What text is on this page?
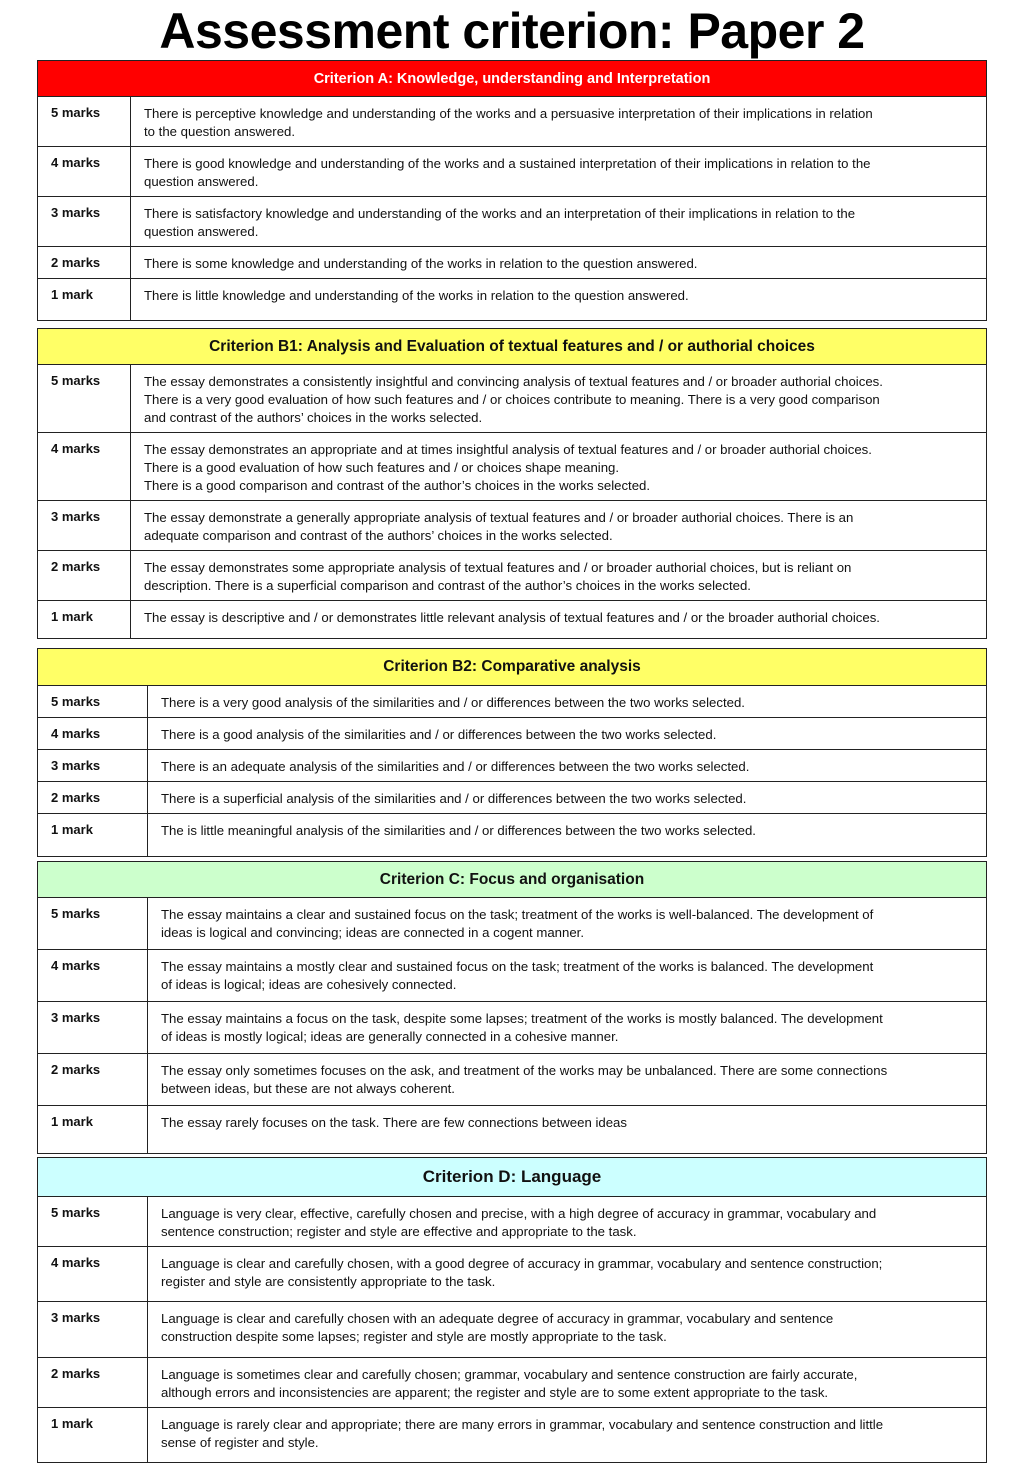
Assessment criterion: Paper 2
Criterion A: Knowledge, understanding and Interpretation	
5 marks	There is perceptive knowledge and understanding of the works and a persuasive interpretation of their implications in relation
to the question answered.

4 marks	There is good knowledge and understanding of the works and a sustained interpretation of their implications in relation to the
question answered.

3 marks	There is satisfactory knowledge and understanding of the works and an interpretation of their implications in relation to the
question answered.

2 marks	There is some knowledge and understanding of the works in relation to the question answered.

1 mark	There is little knowledge and understanding of the works in relation to the question answered.
Criterion B1: Analysis and Evaluation of textual features and / or authorial choices	
5 marks	The essay demonstrates a consistently insightful and convincing analysis of textual features and / or broader authorial choices.
There is a very good evaluation of how such features and / or choices contribute to meaning. There is a very good comparison
and contrast of the authors’ choices in the works selected.

4 marks	The essay demonstrates an appropriate and at times insightful analysis of textual features and / or broader authorial choices.
There is a good evaluation of how such features and / or choices shape meaning.
There is a good comparison and contrast of the author’s choices in the works selected.

3 marks	The essay demonstrate a generally appropriate analysis of textual features and / or broader authorial choices. There is an
adequate comparison and contrast of the authors’ choices in the works selected.

2 marks	The essay demonstrates some appropriate analysis of textual features and / or broader authorial choices, but is reliant on
description. There is a superficial comparison and contrast of the author’s choices in the works selected.

1 mark	The essay is descriptive and / or demonstrates little relevant analysis of textual features and / or the broader authorial choices.
Criterion B2: Comparative analysis	
5 marks	There is a very good analysis of the similarities and / or differences between the two works selected.

4 marks	There is a good analysis of the similarities and / or differences between the two works selected.

3 marks	There is an adequate analysis of the similarities and / or differences between the two works selected.

2 marks	There is a superficial analysis of the similarities and / or differences between the two works selected.

1 mark	The is little meaningful analysis of the similarities and / or differences between the two works selected.
Criterion C: Focus and organisation	
5 marks	The essay maintains a clear and sustained focus on the task; treatment of the works is well-balanced. The development of
ideas is logical and convincing; ideas are connected in a cogent manner.

4 marks	The essay maintains a mostly clear and sustained focus on the task; treatment of the works is balanced. The development
of ideas is logical; ideas are cohesively connected.

3 marks	The essay maintains a focus on the task, despite some lapses; treatment of the works is mostly balanced. The development
of ideas is mostly logical; ideas are generally connected in a cohesive manner.

2 marks	The essay only sometimes focuses on the ask, and treatment of the works may be unbalanced. There are some connections
between ideas, but these are not always coherent.

1 mark	The essay rarely focuses on the task. There are few connections between ideas
Criterion D: Language	
5 marks	Language is very clear, effective, carefully chosen and precise, with a high degree of accuracy in grammar, vocabulary and
sentence construction; register and style are effective and appropriate to the task.

4 marks	Language is clear and carefully chosen, with a good degree of accuracy in grammar, vocabulary and sentence construction;
register and style are consistently appropriate to the task.

3 marks	Language is clear and carefully chosen with an adequate degree of accuracy in grammar, vocabulary and sentence
construction despite some lapses; register and style are mostly appropriate to the task.

2 marks	Language is sometimes clear and carefully chosen; grammar, vocabulary and sentence construction are fairly accurate,
although errors and inconsistencies are apparent; the register and style are to some extent appropriate to the task.

1 mark	Language is rarely clear and appropriate; there are many errors in grammar, vocabulary and sentence construction and little
sense of register and style.
